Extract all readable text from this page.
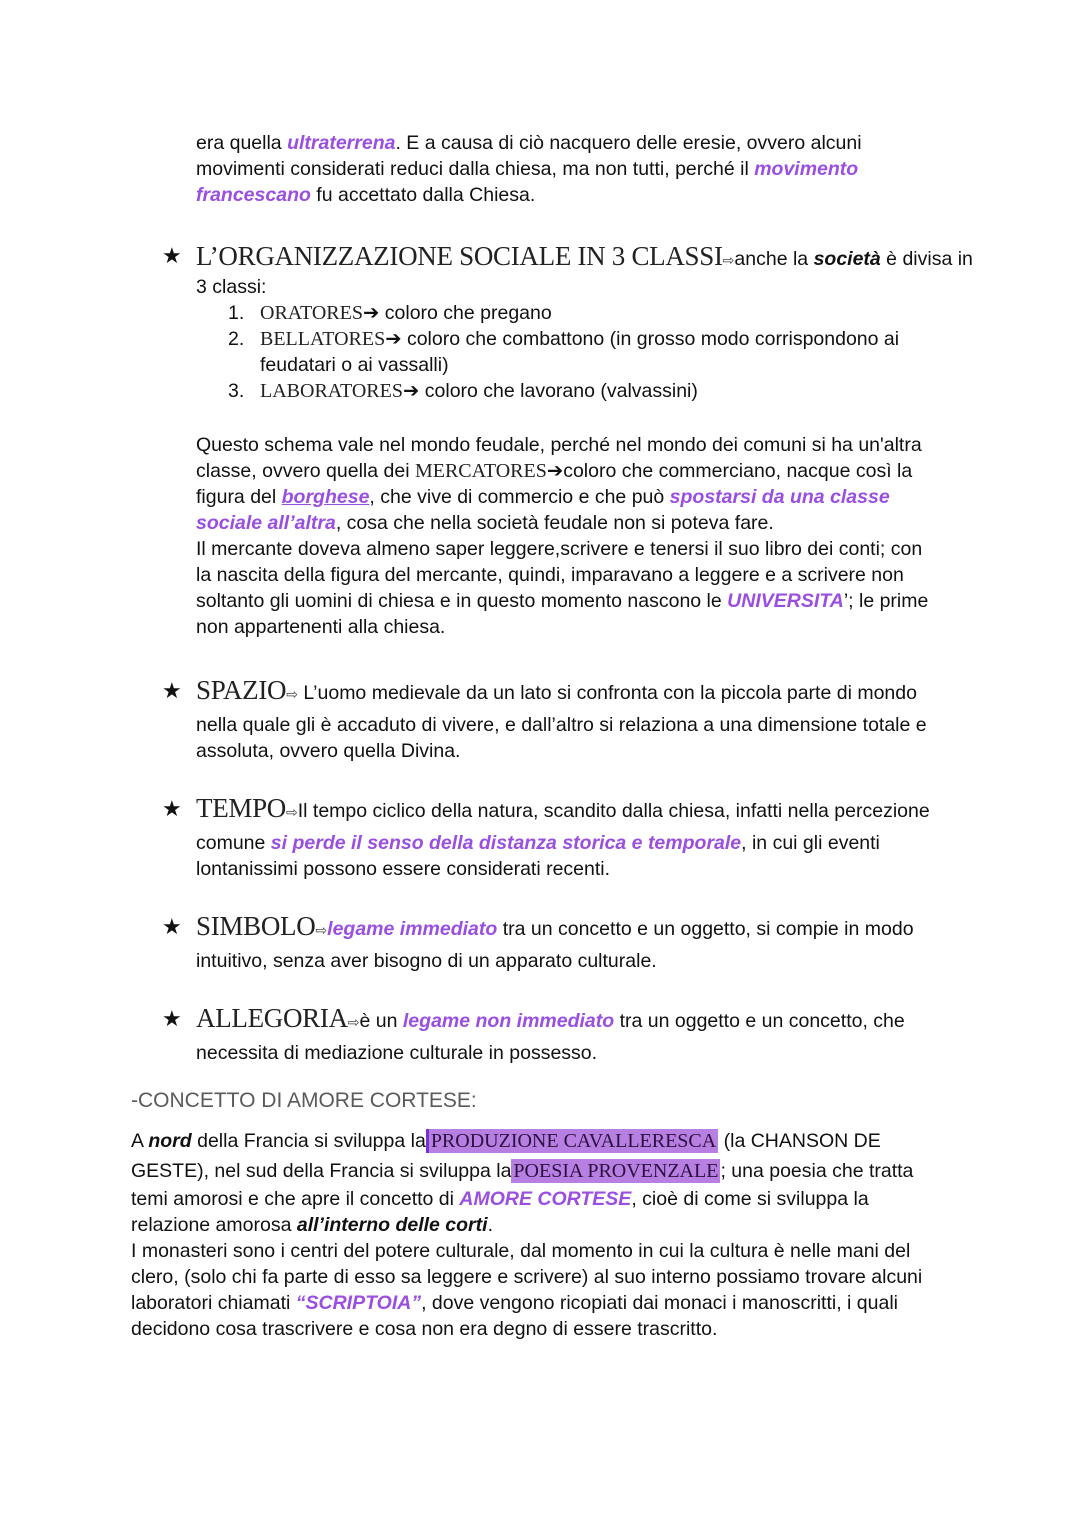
era quella ultraterrena. E a causa di ciò nacquero delle eresie, ovvero alcuni
movimenti considerati reduci dalla chiesa, ma non tutti, perché il movimento
francescano fu accettato dalla Chiesa.
★ L’ORGANIZZAZIONE SOCIALE IN 3 CLASSI⇨anche la società è divisa in
3 classi:
1. ORATORES➔ coloro che pregano
2. BELLATORES➔ coloro che combattono (in grosso modo corrispondono ai
feudatari o ai vassalli)
3. LABORATORES➔ coloro che lavorano (valvassini)
Questo schema vale nel mondo feudale, perché nel mondo dei comuni si ha un'altra
classe, ovvero quella dei MERCATORES➔coloro che commerciano, nacque così la
figura del borghese, che vive di commercio e che può spostarsi da una classe
sociale all’altra, cosa che nella società feudale non si poteva fare.
Il mercante doveva almeno saper leggere,scrivere e tenersi il suo libro dei conti; con
la nascita della figura del mercante, quindi, imparavano a leggere e a scrivere non
soltanto gli uomini di chiesa e in questo momento nascono le UNIVERSITA’; le prime
non appartenenti alla chiesa.
★ SPAZIO⇨ L’uomo medievale da un lato si confronta con la piccola parte di mondo
nella quale gli è accaduto di vivere, e dall’altro si relaziona a una dimensione totale e
assoluta, ovvero quella Divina.
★ TEMPO⇨Il tempo ciclico della natura, scandito dalla chiesa, infatti nella percezione
comune si perde il senso della distanza storica e temporale, in cui gli eventi
lontanissimi possono essere considerati recenti.
★ SIMBOLO⇨legame immediato tra un concetto e un oggetto, si compie in modo
intuitivo, senza aver bisogno di un apparato culturale.
★ ALLEGORIA⇨è un legame non immediato tra un oggetto e un concetto, che
necessita di mediazione culturale in possesso.
-CONCETTO DI AMORE CORTESE:
A nord della Francia si sviluppa la PRODUZIONE CAVALLERESCA (la CHANSON DE
GESTE), nel sud della Francia si sviluppa la POESIA PROVENZALE ; una poesia che tratta
temi amorosi e che apre il concetto di AMORE CORTESE, cioè di come si sviluppa la
relazione amorosa all’interno delle corti.
I monasteri sono i centri del potere culturale, dal momento in cui la cultura è nelle mani del
clero, (solo chi fa parte di esso sa leggere e scrivere) al suo interno possiamo trovare alcuni
laboratori chiamati “SCRIPTOIA”, dove vengono ricopiati dai monaci i manoscritti, i quali
decidono cosa trascrivere e cosa non era degno di essere trascritto.
